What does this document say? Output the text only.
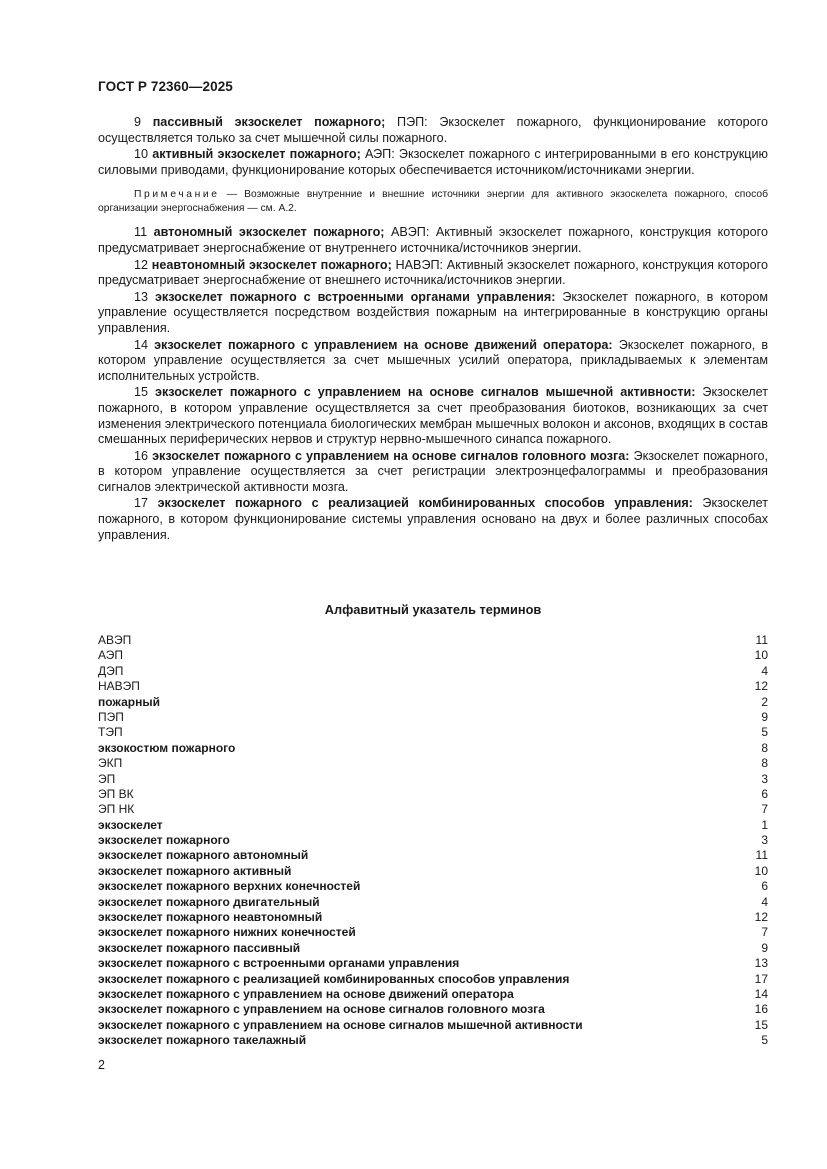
ГОСТ Р 72360—2025

9 пассивный экзоскелет пожарного; ПЭП: Экзоскелет пожарного, функционирование которого осуществляется только за счет мышечной силы пожарного.

10 активный экзоскелет пожарного; АЭП: Экзоскелет пожарного с интегрированными в его конструкцию силовыми приводами, функционирование которых обеспечивается источником/источниками энергии.

Примечание — Возможные внутренние и внешние источники энергии для активного экзоскелета пожарного, способ организации энергоснабжения — см. А.2.

11 автономный экзоскелет пожарного; АВЭП: Активный экзоскелет пожарного, конструкция которого предусматривает энергоснабжение от внутреннего источника/источников энергии.

12 неавтономный экзоскелет пожарного; НАВЭП: Активный экзоскелет пожарного, конструкция которого предусматривает энергоснабжение от внешнего источника/источников энергии.

13 экзоскелет пожарного с встроенными органами управления: Экзоскелет пожарного, в котором управление осуществляется посредством воздействия пожарным на интегрированные в конструкцию органы управления.

14 экзоскелет пожарного с управлением на основе движений оператора: Экзоскелет пожарного, в котором управление осуществляется за счет мышечных усилий оператора, прикладываемых к элементам исполнительных устройств.

15 экзоскелет пожарного с управлением на основе сигналов мышечной активности: Экзоскелет пожарного, в котором управление осуществляется за счет преобразования биотоков, возникающих за счет изменения электрического потенциала биологических мембран мышечных волокон и аксонов, входящих в состав смешанных периферических нервов и структур нервно-мышечного синапса пожарного.

16 экзоскелет пожарного с управлением на основе сигналов головного мозга: Экзоскелет пожарного, в котором управление осуществляется за счет регистрации электроэнцефалограммы и преобразования сигналов электрической активности мозга.

17 экзоскелет пожарного с реализацией комбинированных способов управления: Экзоскелет пожарного, в котором функционирование системы управления основано на двух и более различных способах управления.

Алфавитный указатель терминов
АВЭП	11
АЭП	10
ДЭП	4
НАВЭП	12
пожарный	2
ПЭП	9
ТЭП	5
экзокостюм пожарного	8
ЭКП	8
ЭП	3
ЭП ВК	6
ЭП НК	7
экзоскелет	1
экзоскелет пожарного	3
экзоскелет пожарного автономный	11
экзоскелет пожарного активный	10
экзоскелет пожарного верхних конечностей	6
экзоскелет пожарного двигательный	4
экзоскелет пожарного неавтономный	12
экзоскелет пожарного нижних конечностей	7
экзоскелет пожарного пассивный	9
экзоскелет пожарного с встроенными органами управления	13
экзоскелет пожарного с реализацией комбинированных способов управления	17
экзоскелет пожарного с управлением на основе движений оператора	14
экзоскелет пожарного с управлением на основе сигналов головного мозга	16
экзоскелет пожарного с управлением на основе сигналов мышечной активности	15
экзоскелет пожарного такелажный	5
2
